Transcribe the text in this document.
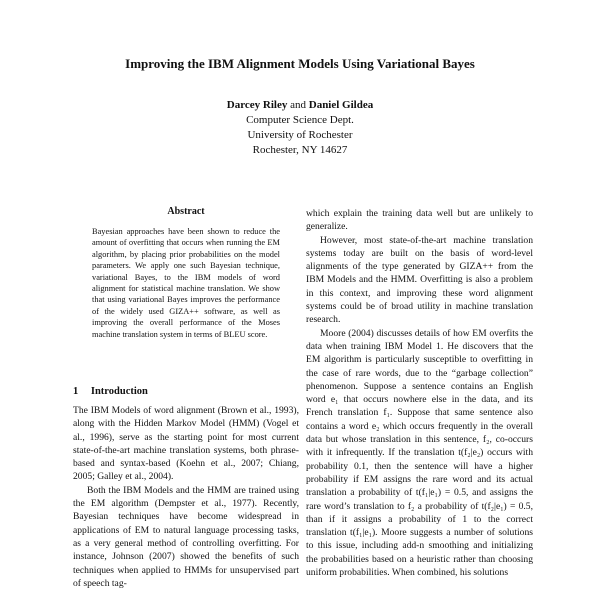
Improving the IBM Alignment Models Using Variational Bayes
Darcey Riley and Daniel Gildea
Computer Science Dept.
University of Rochester
Rochester, NY 14627
Abstract
Bayesian approaches have been shown to reduce the amount of overfitting that occurs when running the EM algorithm, by placing prior probabilities on the model parameters. We apply one such Bayesian technique, variational Bayes, to the IBM models of word alignment for statistical machine translation. We show that using variational Bayes improves the performance of the widely used GIZA++ software, as well as improving the overall performance of the Moses machine translation system in terms of BLEU score.
1 Introduction

The IBM Models of word alignment (Brown et al., 1993), along with the Hidden Markov Model (HMM) (Vogel et al., 1996), serve as the starting point for most current state-of-the-art machine translation systems, both phrase-based and syntax-based (Koehn et al., 2007; Chiang, 2005; Galley et al., 2004).

Both the IBM Models and the HMM are trained using the EM algorithm (Dempster et al., 1977). Recently, Bayesian techniques have become widespread in applications of EM to natural language processing tasks, as a very general method of controlling overfitting. For instance, Johnson (2007) showed the benefits of such techniques when applied to HMMs for unsupervised part of speech tag-

which explain the training data well but are unlikely to generalize.

However, most state-of-the-art machine translation systems today are built on the basis of word-level alignments of the type generated by GIZA++ from the IBM Models and the HMM. Overfitting is also a problem in this context, and improving these word alignment systems could be of broad utility in machine translation research.

Moore (2004) discusses details of how EM overfits the data when training IBM Model 1. He discovers that the EM algorithm is particularly susceptible to overfitting in the case of rare words, due to the “garbage collection” phenomenon. Suppose a sentence contains an English word e₁ that occurs nowhere else in the data, and its French translation f₁. Suppose that same sentence also contains a word e₂ which occurs frequently in the overall data but whose translation in this sentence, f₂, co-occurs with it infrequently. If the translation t(f₂|e₂) occurs with probability 0.1, then the sentence will have a higher probability if EM assigns the rare word and its actual translation a probability of t(f₁|e₁) = 0.5, and assigns the rare word’s translation to f₂ a probability of t(f₂|e₁) = 0.5, than if it assigns a probability of 1 to the correct translation t(f₁|e₁). Moore suggests a number of solutions to this issue, including add-n smoothing and initializing the probabilities based on a heuristic rather than choosing uniform probabilities. When combined, his solutions
